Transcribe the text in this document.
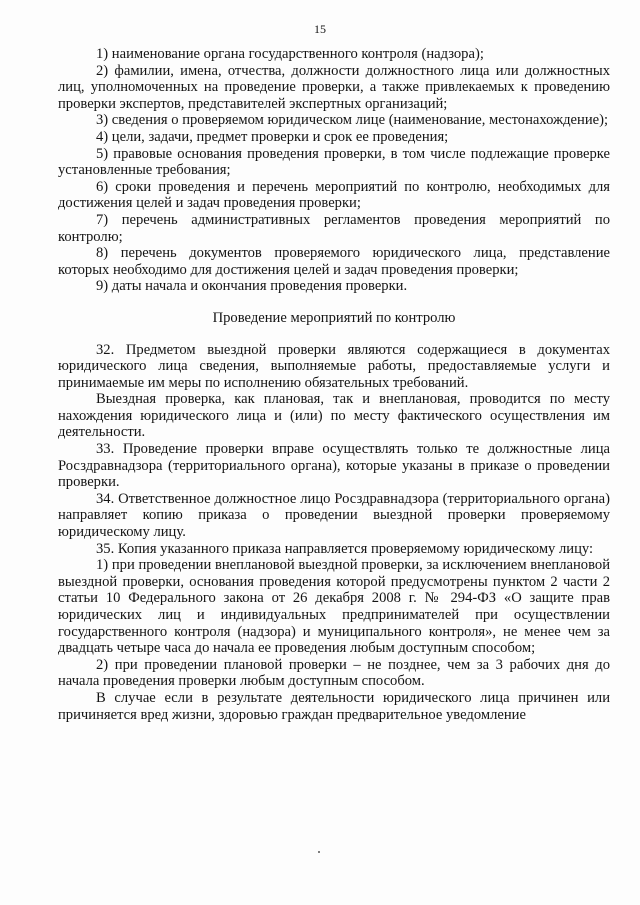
15

1) наименование органа государственного контроля (надзора);

2) фамилии, имена, отчества, должности должностного лица или должностных лиц, уполномоченных на проведение проверки, а также привлекаемых к проведению проверки экспертов, представителей экспертных организаций;

3) сведения о проверяемом юридическом лице (наименование, местонахождение);

4) цели, задачи, предмет проверки и срок ее проведения;

5) правовые основания проведения проверки, в том числе подлежащие проверке установленные требования;

6) сроки проведения и перечень мероприятий по контролю, необходимых для достижения целей и задач проведения проверки;

7) перечень административных регламентов проведения мероприятий по контролю;

8) перечень документов проверяемого юридического лица, представление которых необходимо для достижения целей и задач проведения проверки;

9) даты начала и окончания проведения проверки.

Проведение мероприятий по контролю

32. Предметом выездной проверки являются содержащиеся в документах юридического лица сведения, выполняемые работы, предоставляемые услуги и принимаемые им меры по исполнению обязательных требований.

Выездная проверка, как плановая, так и внеплановая, проводится по месту нахождения юридического лица и (или) по месту фактического осуществления им деятельности.

33. Проведение проверки вправе осуществлять только те должностные лица Росздравнадзора (территориального органа), которые указаны в приказе о проведении проверки.

34. Ответственное должностное лицо Росздравнадзора (территориального органа) направляет копию приказа о проведении выездной проверки проверяемому юридическому лицу.

35. Копия указанного приказа направляется проверяемому юридическому лицу:

1) при проведении внеплановой выездной проверки, за исключением внеплановой выездной проверки, основания проведения которой предусмотрены пунктом 2 части 2 статьи 10 Федерального закона от 26 декабря 2008 г. № 294-ФЗ «О защите прав юридических лиц и индивидуальных предпринимателей при осуществлении государственного контроля (надзора) и муниципального контроля», не менее чем за двадцать четыре часа до начала ее проведения любым доступным способом;

2) при проведении плановой проверки – не позднее, чем за 3 рабочих дня до начала проведения проверки любым доступным способом.

В случае если в результате деятельности юридического лица причинен или причиняется вред жизни, здоровью граждан предварительное уведомление
